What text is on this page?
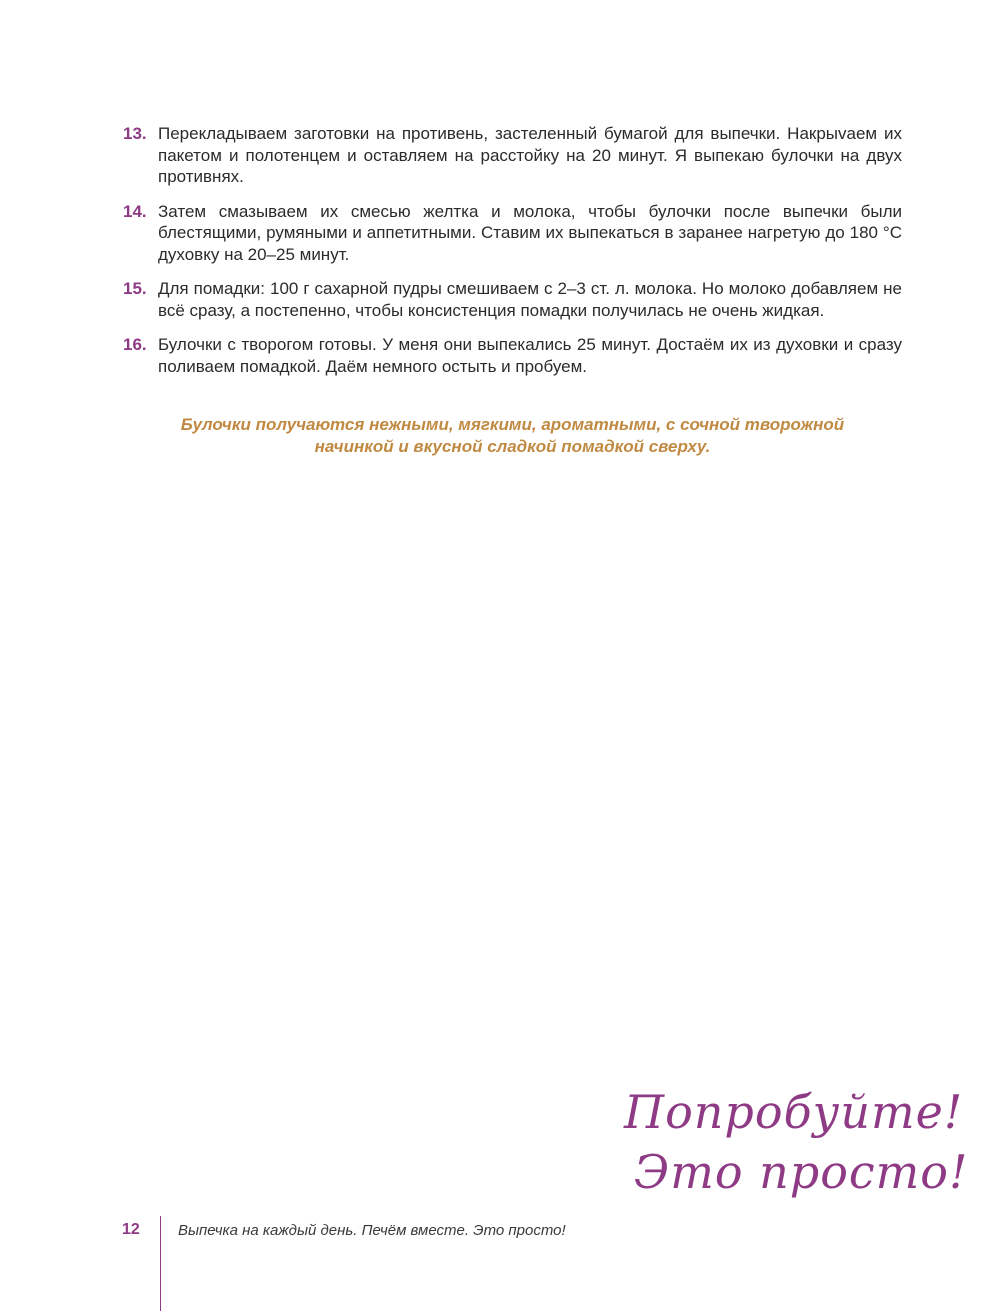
13. Перекладываем заготовки на противень, застеленный бумагой для выпечки. Накрыvаем их пакетом и полотенцем и оставляем на расстойку на 20 минут. Я выпекаю булочки на двух противнях.
14. Затем смазываем их смесью желтка и молока, чтобы булочки после выпечки были блестящими, румяными и аппетитными. Ставим их выпекаться в заранее нагретую до 180 °С духовку на 20–25 минут.
15. Для помадки: 100 г сахарной пудры смешиваем с 2–3 ст. л. молока. Но молоко добавляем не всё сразу, а постепенно, чтобы консистенция помадки получилась не очень жидкая.
16. Булочки с творогом готовы. У меня они выпекались 25 минут. Достаём их из духовки и сразу поливаем помадкой. Даём немного остыть и пробуем.
Булочки получаются нежными, мягкими, ароматными, с сочной творожной
начинкой и вкусной сладкой помадкой сверху.
Попробуйте!
Это просто!
12	Выпечка на каждый день. Печём вместе. Это просто!
